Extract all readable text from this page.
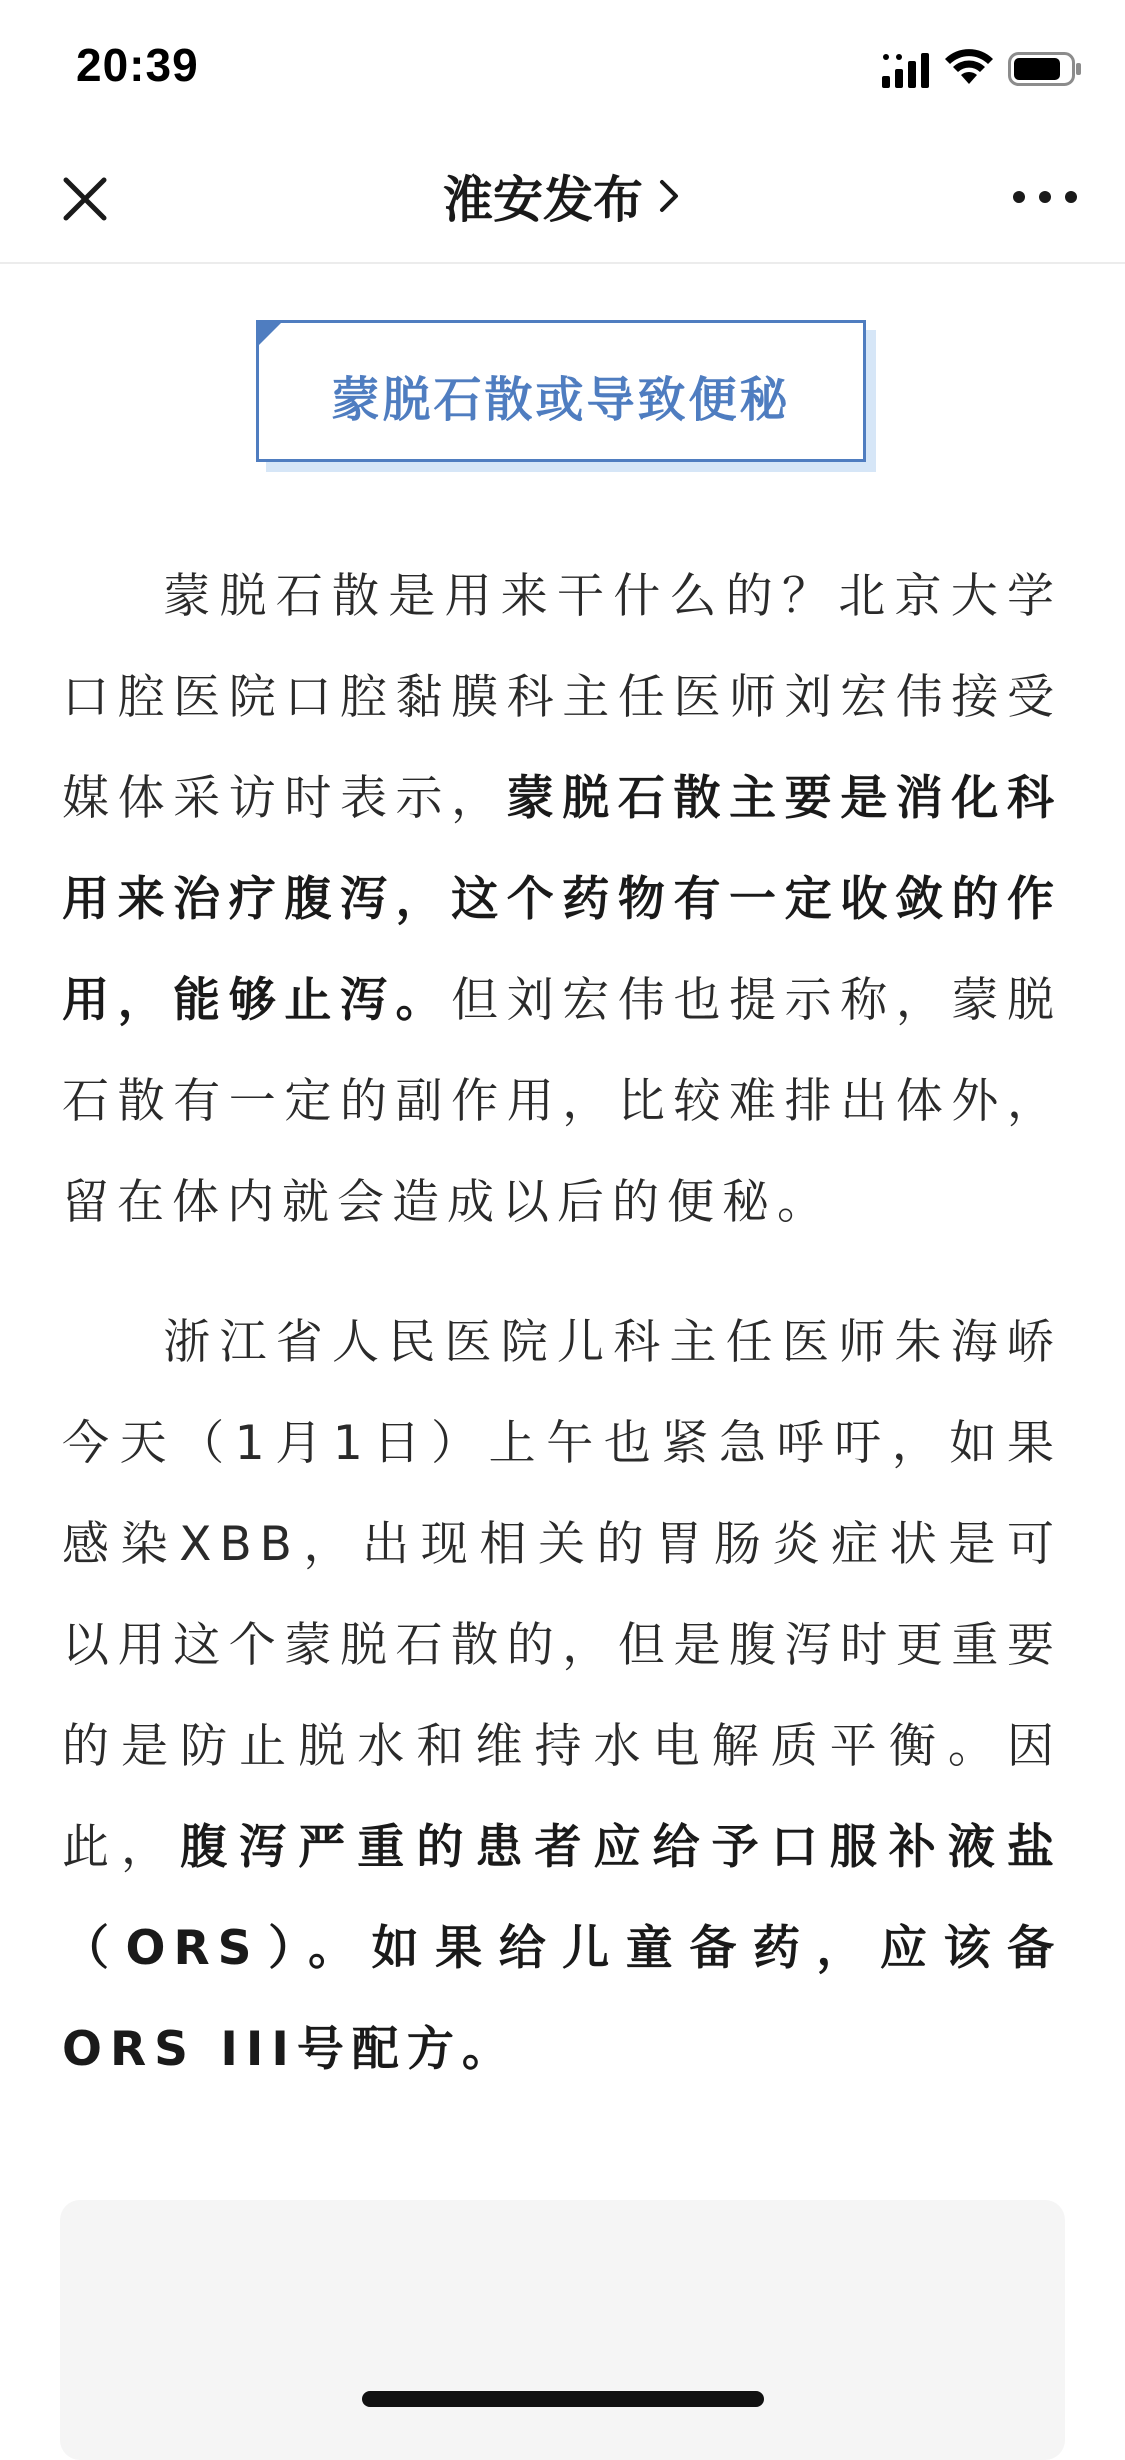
20:39
淮安发布
蒙脱石散或导致便秘

蒙脱石散是用来干什么的？北京大学口腔医院口腔黏膜科主任医师刘宏伟接受媒体采访时表示，蒙脱石散主要是消化科用来治疗腹泻，这个药物有一定收敛的作用，能够止泻。但刘宏伟也提示称，蒙脱石散有一定的副作用，比较难排出体外，留在体内就会造成以后的便秘。

浙江省人民医院儿科主任医师朱海峤今天（1月1日）上午也紧急呼吁，如果感染XBB，出现相关的胃肠炎症状是可以用这个蒙脱石散的，但是腹泻时更重要的是防止脱水和维持水电解质平衡。因此，腹泻严重的患者应给予口服补液盐（ORS）。如果给儿童备药，应该备ORS III号配方。
